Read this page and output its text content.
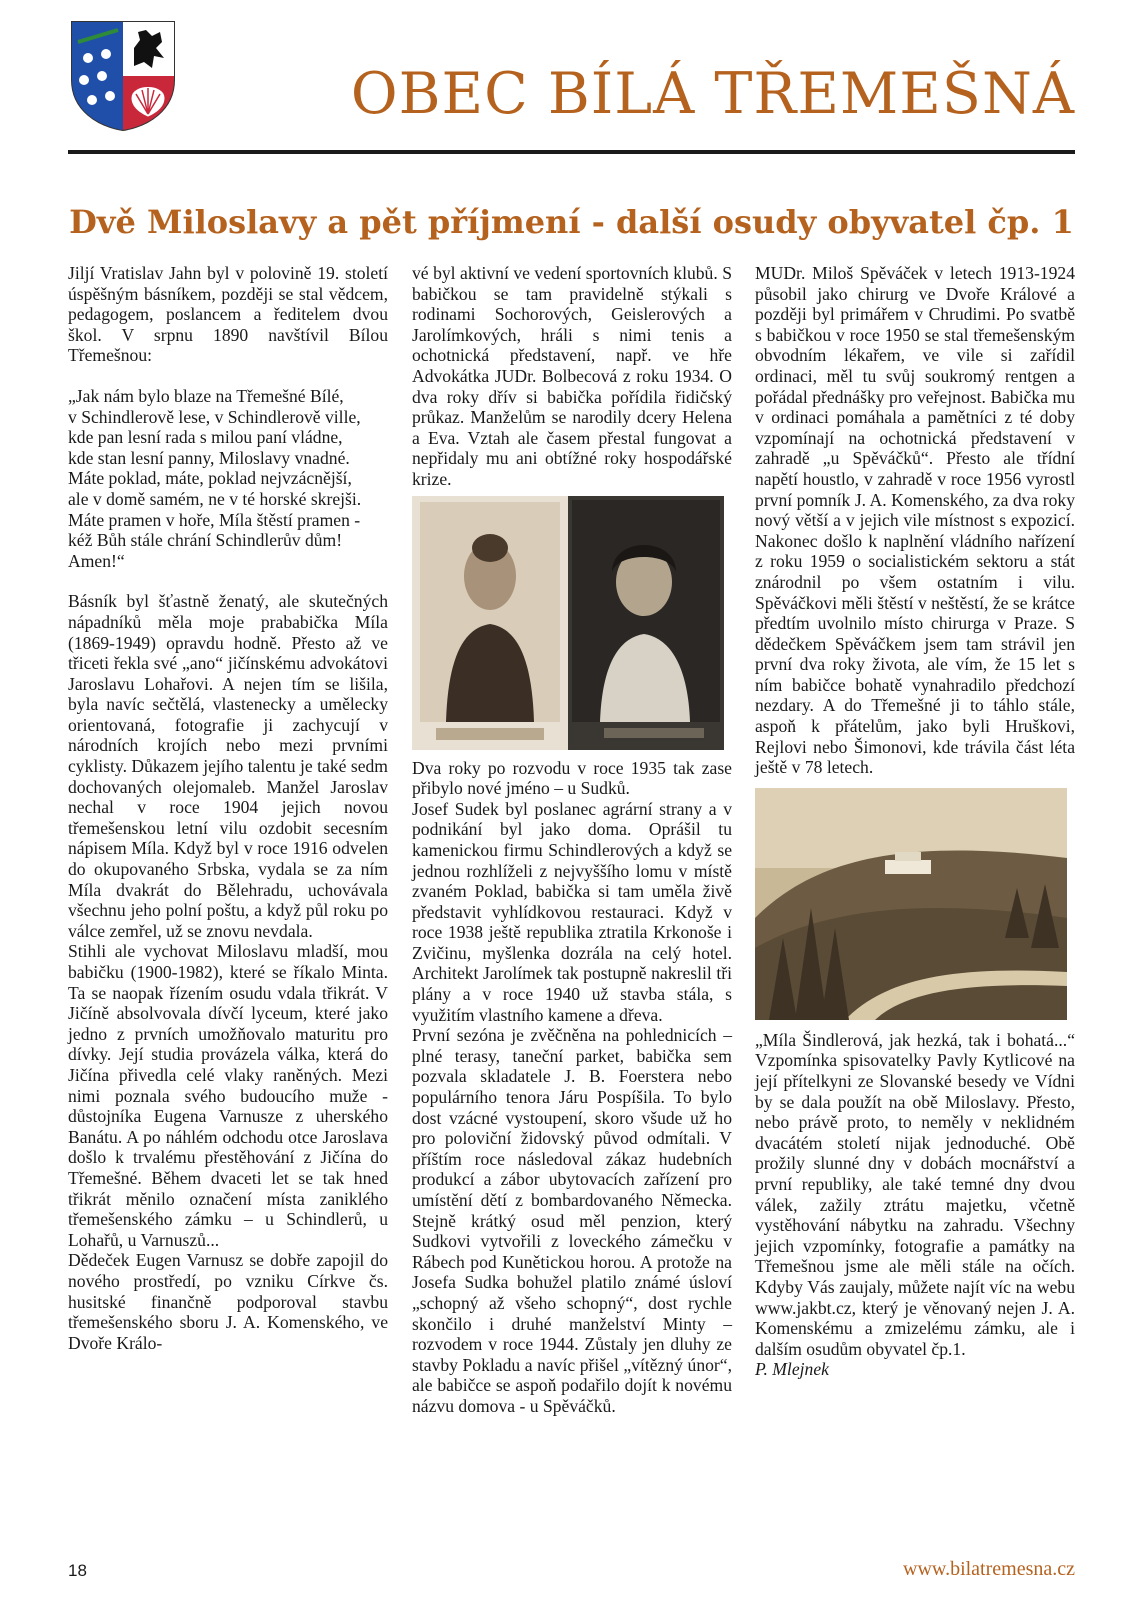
OBEC BÍLÁ TŘEMEŠNÁ
Dvě Miloslavy a pět příjmení - další osudy obyvatel čp. 1

Jiljí Vratislav Jahn byl v polovině 19. století úspěšným básníkem, později se stal vědcem, pedagogem, poslancem a ředitelem dvou škol. V srpnu 1890 navštívil Bílou Třemešnou:

„Jak nám bylo blaze na Třemešné Bílé,

v Schindlerově lese, v Schindlerově ville,

kde pan lesní rada s milou paní vládne,

kde stan lesní panny, Miloslavy vnadné.

Máte poklad, máte, poklad nejvzácnější,

ale v domě samém, ne v té horské skrejši.

Máte pramen v hoře, Míla štěstí pramen -

kéž Bůh stále chrání Schindlerův dům! Amen!“

Básník byl šťastně ženatý, ale skutečných nápadníků měla moje prababička Míla (1869-1949) opravdu hodně. Přesto až ve třiceti řekla své „ano“ jičínskému advokátovi Jaroslavu Lohařovi. A nejen tím se lišila, byla navíc sečtělá, vlastenecky a umělecky orientovaná, fotografie ji zachycují v národních krojích nebo mezi prvními cyklisty. Důkazem jejího talentu je také sedm dochovaných olejomaleb. Manžel Jaroslav nechal v roce 1904 jejich novou třemešenskou letní vilu ozdobit secesním nápisem Míla. Když byl v roce 1916 odvelen do okupovaného Srbska, vydala se za ním Míla dvakrát do Bělehradu, uchovávala všechnu jeho polní poštu, a když půl roku po válce zemřel, už se znovu nevdala.

Stihli ale vychovat Miloslavu mladší, mou babičku (1900-1982), které se říkalo Minta. Ta se naopak řízením osudu vdala třikrát. V Jičíně absolvovala dívčí lyceum, které jako jedno z prvních umožňovalo maturitu pro dívky. Její studia provázela válka, která do Jičína přivedla celé vlaky raněných. Mezi nimi poznala svého budoucího muže - důstojníka Eugena Varnusze z uherského Banátu. A po náhlém odchodu otce Jaroslava došlo k trvalému přestěhování z Jičína do Třemešné. Během dvaceti let se tak hned třikrát měnilo označení místa zaniklého třemešenského zámku – u Schindlerů, u Lohařů, u Varnuszů...

Dědeček Eugen Varnusz se dobře zapojil do nového prostředí, po vzniku Církve čs. husitské finančně podporoval stavbu třemešenského sboru J. A. Komenského, ve Dvoře Králo-

vé byl aktivní ve vedení sportovních klubů. S babičkou se tam pravidelně stýkali s rodinami Sochorových, Geislerových a Jarolímkových, hráli s nimi tenis a ochotnická představení, např. ve hře Advokátka JUDr. Bolbecová z roku 1934. O dva roky dřív si babička pořídila řidičský průkaz. Manželům se narodily dcery Helena a Eva. Vztah ale časem přestal fungovat a nepřidaly mu ani obtížné roky hospodářské krize.

Dva roky po rozvodu v roce 1935 tak zase přibylo nové jméno – u Sudků.

Josef Sudek byl poslanec agrární strany a v podnikání byl jako doma. Oprášil tu kamenickou firmu Schindlerových a když se jednou rozhlíželi z nejvyššího lomu v místě zvaném Poklad, babička si tam uměla živě představit vyhlídkovou restauraci. Když v roce 1938 ještě republika ztratila Krkonoše i Zvičinu, myšlenka dozrála na celý hotel. Architekt Jarolímek tak postupně nakreslil tři plány a v roce 1940 už stavba stála, s využitím vlastního kamene a dřeva.

První sezóna je zvěčněna na pohlednicích – plné terasy, taneční parket, babička sem pozvala skladatele J. B. Foerstera nebo populárního tenora Járu Pospíšila. To bylo dost vzácné vystoupení, skoro všude už ho pro poloviční židovský původ odmítali. V příštím roce následoval zákaz hudebních produkcí a zábor ubytovacích zařízení pro umístění dětí z bombardovaného Německa. Stejně krátký osud měl penzion, který Sudkovi vytvořili z loveckého zámečku v Rábech pod Kunětickou horou. A protože na Josefa Sudka bohužel platilo známé úsloví „schopný až všeho schopný“, dost rychle skončilo i druhé manželství Minty – rozvodem v roce 1944. Zůstaly jen dluhy ze stavby Pokladu a navíc přišel „vítězný únor“, ale babičce se aspoň podařilo dojít k novému názvu domova - u Spěváčků.

MUDr. Miloš Spěváček v letech 1913-1924 působil jako chirurg ve Dvoře Králové a později byl primářem v Chrudimi. Po svatbě s babičkou v roce 1950 se stal třemešenským obvodním lékařem, ve vile si zařídil ordinaci, měl tu svůj soukromý rentgen a pořádal přednášky pro veřejnost. Babička mu v ordinaci pomáhala a pamětníci z té doby vzpomínají na ochotnická představení v zahradě „u Spěváčků“. Přesto ale třídní napětí houstlo, v zahradě v roce 1956 vyrostl první pomník J. A. Komenského, za dva roky nový větší a v jejich vile místnost s expozicí. Nakonec došlo k naplnění vládního nařízení z roku 1959 o socialistickém sektoru a stát znárodnil po všem ostatním i vilu. Spěváčkovi měli štěstí v neštěstí, že se krátce předtím uvolnilo místo chirurga v Praze. S dědečkem Spěváčkem jsem tam strávil jen první dva roky života, ale vím, že 15 let s ním babičce bohatě vynahradilo předchozí nezdary. A do Třemešné ji to táhlo stále, aspoň k přátelům, jako byli Hruškovi, Rejlovi nebo Šimonovi, kde trávila část léta ještě v 78 letech.

„Míla Šindlerová, jak hezká, tak i bohatá...“ Vzpomínka spisovatelky Pavly Kytlicové na její přítelkyni ze Slovanské besedy ve Vídni by se dala použít na obě Miloslavy. Přesto, nebo právě proto, to neměly v neklidném dvacátém století nijak jednoduché. Obě prožily slunné dny v dobách mocnářství a první republiky, ale také temné dny dvou válek, zažily ztrátu majetku, včetně vystěhování nábytku na zahradu. Všechny jejich vzpomínky, fotografie a památky na Třemešnou jsme ale měli stále na očích. Kdyby Vás zaujaly, můžete najít víc na webu www.jakbt.cz, který je věnovaný nejen J. A. Komenskému a zmizelému zámku, ale i dalším osudům obyvatel čp.1.

P. Mlejnek

18	www.bilatremesna.cz
